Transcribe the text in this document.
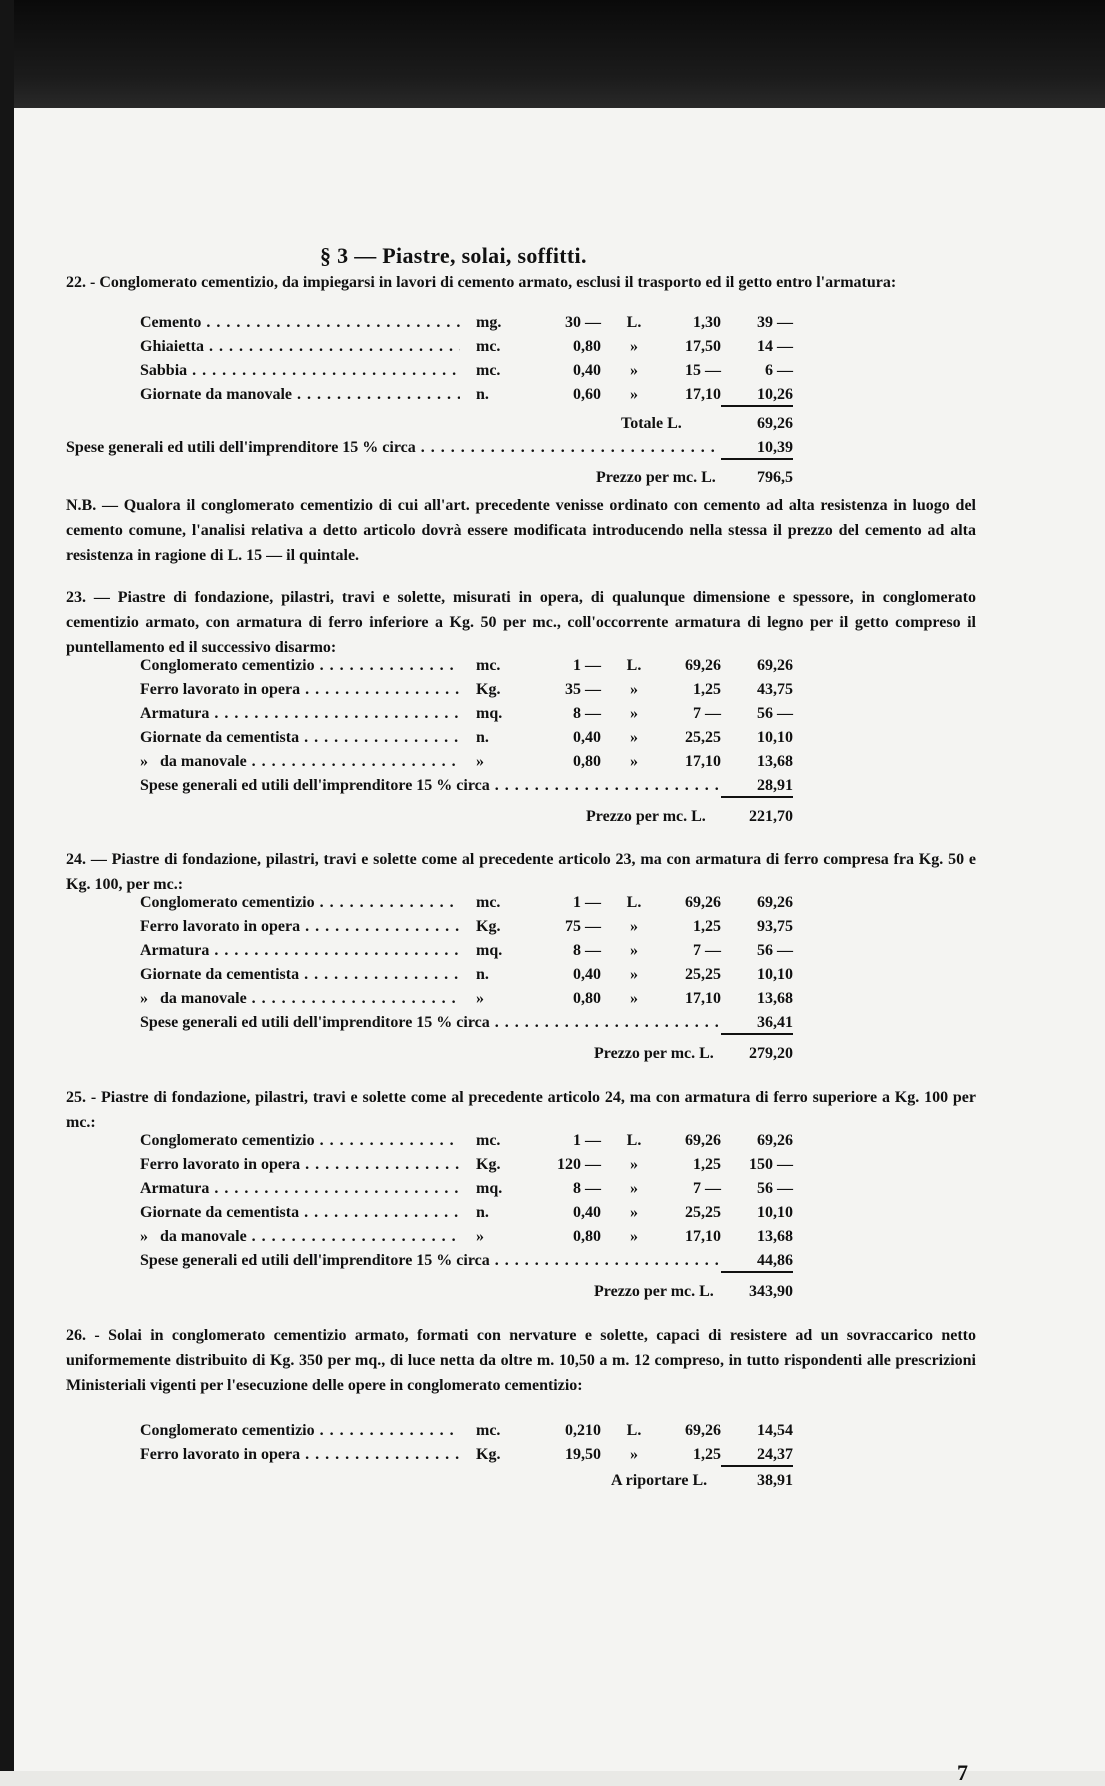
§ 3 — Piastre, solai, soffitti.
22. - Conglomerato cementizio, da impiegarsi in lavori di cemento armato, esclusi il trasporto ed il getto entro l'armatura:
Cemento . . .	mg.	30 — L.	1,30	39 —
Ghiaietta . . .	mc.	0,80	»	17,50	14 —
Sabbia . . .	mc.	0,40	»	15 —	6 —
Giornate da manovale . . .	n.	0,60	»	17,10	10,26
Totale L.	69,26
Spese generali ed utili dell'imprenditore 15 % circa . . .	10,39
Prezzo per mc. L.	796,5
N.B. — Qualora il conglomerato cementizio di cui all'art. precedente venisse ordinato con cemento ad alta resistenza in luogo del cemento comune, l'analisi relativa a detto articolo dovrà essere modificata introducendo nella stessa il prezzo del cemento ad alta resistenza in ragione di L. 15 — il quintale.
23. — Piastre di fondazione, pilastri, travi e solette, misurati in opera, di qualunque dimensione e spessore, in conglomerato cementizio armato, con armatura di ferro inferiore a Kg. 50 per mc., coll'occorrente armatura di legno per il getto compreso il puntellamento ed il successivo disarmo:
Conglomerato cementizio . . .	mc.	1 — L.	69,26	69,26
Ferro lavorato in opera . . .	Kg.	35 —	»	1,25	43,75
Armatura . . .	mq.	8 —	»	7 —	56 —
Giornate da cementista . . .	n.	0,40	»	25,25	10,10
»   da manovale . . .	»	0,80	»	17,10	13,68
Spese generali ed utili dell'imprenditore 15 % circa . . .	28,91
Prezzo per mc. L.	221,70
24. — Piastre di fondazione, pilastri, travi e solette come al precedente articolo 23, ma con armatura di ferro compresa fra Kg. 50 e Kg. 100, per mc.:
Conglomerato cementizio . . .	mc.	1 — L.	69,26	69,26
Ferro lavorato in opera . . .	Kg.	75 —	»	1,25	93,75
Armatura . . .	mq.	8 —	»	7 —	56 —
Giornate da cementista . . .	n.	0,40	»	25,25	10,10
»   da manovale . . .	»	0,80	»	17,10	13,68
Spese generali ed utili dell'imprenditore 15 % circa . . .	36,41
Prezzo per mc. L.	279,20
25. - Piastre di fondazione, pilastri, travi e solette come al precedente articolo 24, ma con armatura di ferro superiore a Kg. 100 per mc.:
Conglomerato cementizio . . .	mc.	1 — L.	69,26	69,26
Ferro lavorato in opera . . .	Kg.	120 —	»	1,25	150 —
Armatura . . .	mq.	8 —	»	7 —	56 —
Giornate da cementista . . .	n.	0,40	»	25,25	10,10
»   da manovale . . .	»	0,80	»	17,10	13,68
Spese generali ed utili dell'imprenditore 15 % circa . . .	44,86
Prezzo per mc. L.	343,90
26. - Solai in conglomerato cementizio armato, formati con nervature e solette, capaci di resistere ad un sovraccarico netto uniformemente distribuito di Kg. 350 per mq., di luce netta da oltre m. 10,50 a m. 12 compreso, in tutto rispondenti alle prescrizioni Ministeriali vigenti per l'esecuzione delle opere in conglomerato cementizio:
Conglomerato cementizio . . .	mc.	0,210 L.	69,26	14,54
Ferro lavorato in opera . . .	Kg.	19,50	»	1,25	24,37
A riportare L.	38,91
7
